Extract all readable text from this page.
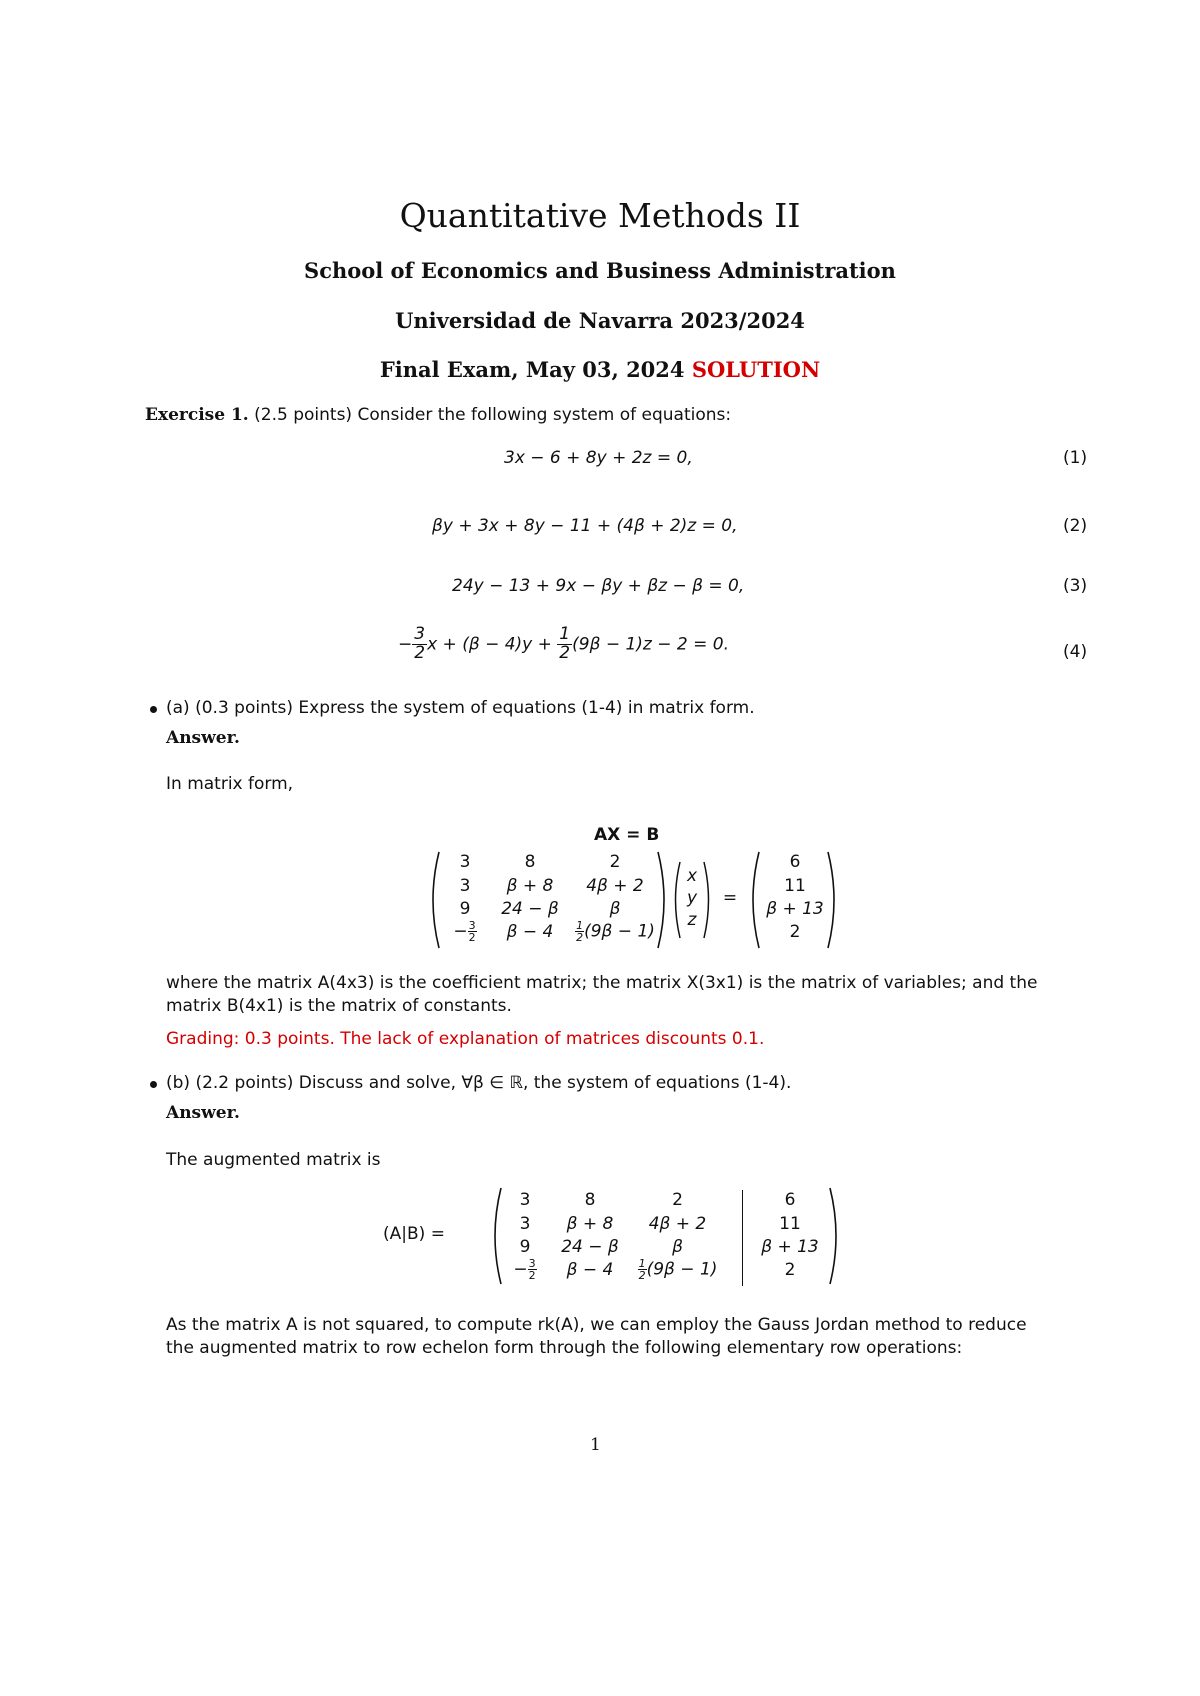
Quantitative Methods II
School of Economics and Business Administration
Universidad de Navarra 2023/2024
Final Exam, May 03, 2024 SOLUTION
Exercise 1. (2.5 points) Consider the following system of equations:
3x − 6 + 8y + 2z = 0,	(1)
βy + 3x + 8y − 11 + (4β + 2)z = 0,	(2)
24y − 13 + 9x − βy + βz − β = 0,	(3)
− $\frac{3}{2}$ $x + (\beta - 4)y + \frac{1}{2} (9\beta - 1)z - 2 = 0$.	(4)
(a) (0.3 points) Express the system of equations (1-4) in matrix form.
Answer.
In matrix form,
AX = B
3	8	2
3	β + 8	4β + 2
9	24 − β	β
− $\frac{3}{2}$	β − 4	$\frac{1}{2} (9\beta - 1)$
x
y
z
=
6
11
β + 13
2
where the matrix A(4x3) is the coefficient matrix; the matrix X(3x1) is the matrix of variables; and the
matrix B(4x1) is the matrix of constants.
Grading: 0.3 points. The lack of explanation of matrices discounts 0.1.
(b) (2.2 points) Discuss and solve, ∀β ∈ ℝ, the system of equations (1-4).
Answer.
The augmented matrix is
(A|B) =
3	8	2	6
3	β + 8	4β + 2	11
9	24 − β	β	β + 13
− $\frac{3}{2}$	β − 4	$\frac{1}{2} (9\beta - 1)$	2
As the matrix A is not squared, to compute rk(A), we can employ the Gauss Jordan method to reduce
the augmented matrix to row echelon form through the following elementary row operations:
1
